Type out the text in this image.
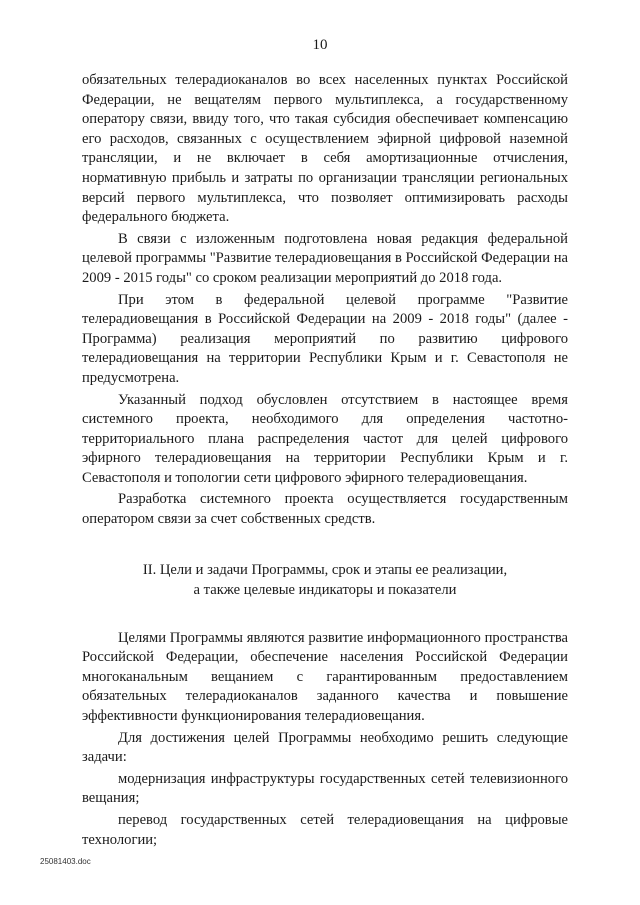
10

обязательных телерадиоканалов во всех населенных пунктах Российской Федерации, не вещателям первого мультиплекса, а государственному оператору связи, ввиду того, что такая субсидия обеспечивает компенсацию его расходов, связанных с осуществлением эфирной цифровой наземной трансляции, и не включает в себя амортизационные отчисления, нормативную прибыль и затраты по организации трансляции региональных версий первого мультиплекса, что позволяет оптимизировать расходы федерального бюджета.

В связи с изложенным подготовлена новая редакция федеральной целевой программы "Развитие телерадиовещания в Российской Федерации на 2009 - 2015 годы" со сроком реализации мероприятий до 2018 года.

При этом в федеральной целевой программе "Развитие телерадиовещания в Российской Федерации на 2009 - 2018 годы" (далее - Программа) реализация мероприятий по развитию цифрового телерадиовещания на территории Республики Крым и г. Севастополя не предусмотрена.

Указанный подход обусловлен отсутствием в настоящее время системного проекта, необходимого для определения частотно-территориального плана распределения частот для целей цифрового эфирного телерадиовещания на территории Республики Крым и г. Севастополя и топологии сети цифрового эфирного телерадиовещания.

Разработка системного проекта осуществляется государственным оператором связи за счет собственных средств.

II. Цели и задачи Программы, срок и этапы ее реализации,
а также целевые индикаторы и показатели

Целями Программы являются развитие информационного пространства Российской Федерации, обеспечение населения Российской Федерации многоканальным вещанием с гарантированным предоставлением обязательных телерадиоканалов заданного качества и повышение эффективности функционирования телерадиовещания.

Для достижения целей Программы необходимо решить следующие задачи:

модернизация инфраструктуры государственных сетей телевизионного вещания;

перевод государственных сетей телерадиовещания на цифровые технологии;

25081403.doc
